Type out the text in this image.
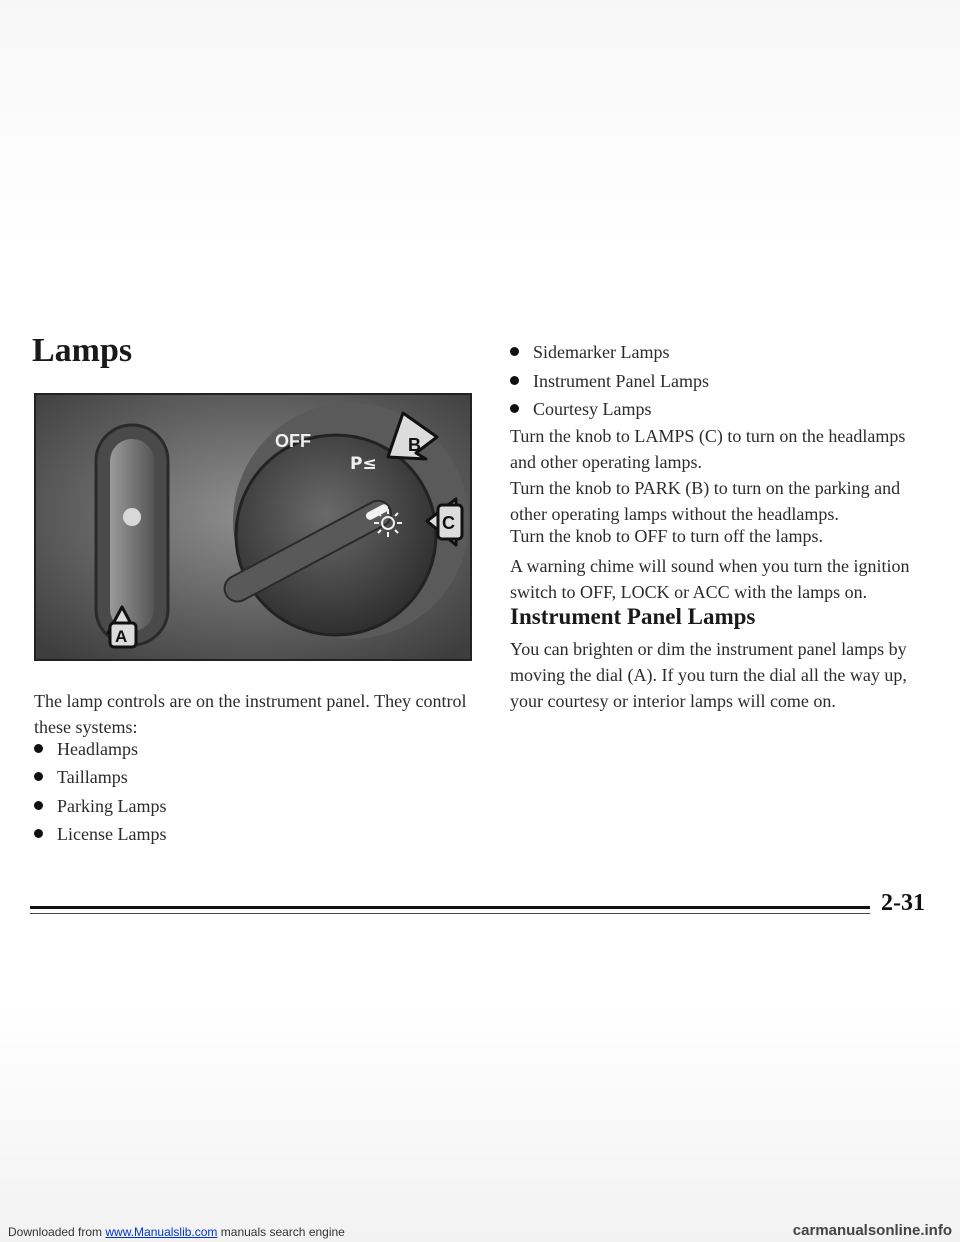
Lamps
OFF
P≤
B
C
A

The lamp controls are on the instrument panel. They control these systems:

Headlamps
Taillamps
Parking Lamps
License Lamps
Sidemarker Lamps
Instrument Panel Lamps
Courtesy Lamps

Turn the knob to LAMPS (C) to turn on the headlamps and other operating lamps.

Turn the knob to PARK (B) to turn on the parking and other operating lamps without the headlamps.

Turn the knob to OFF to turn off the lamps.

A warning chime will sound when you turn the ignition switch to OFF, LOCK or ACC with the lamps on.

Instrument Panel Lamps

You can brighten or dim the instrument panel lamps by moving the dial (A). If you turn the dial all the way up, your courtesy or interior lamps will come on.

2-31
Downloaded from www.Manualslib.com manuals search engine	carmanualsonline.info
